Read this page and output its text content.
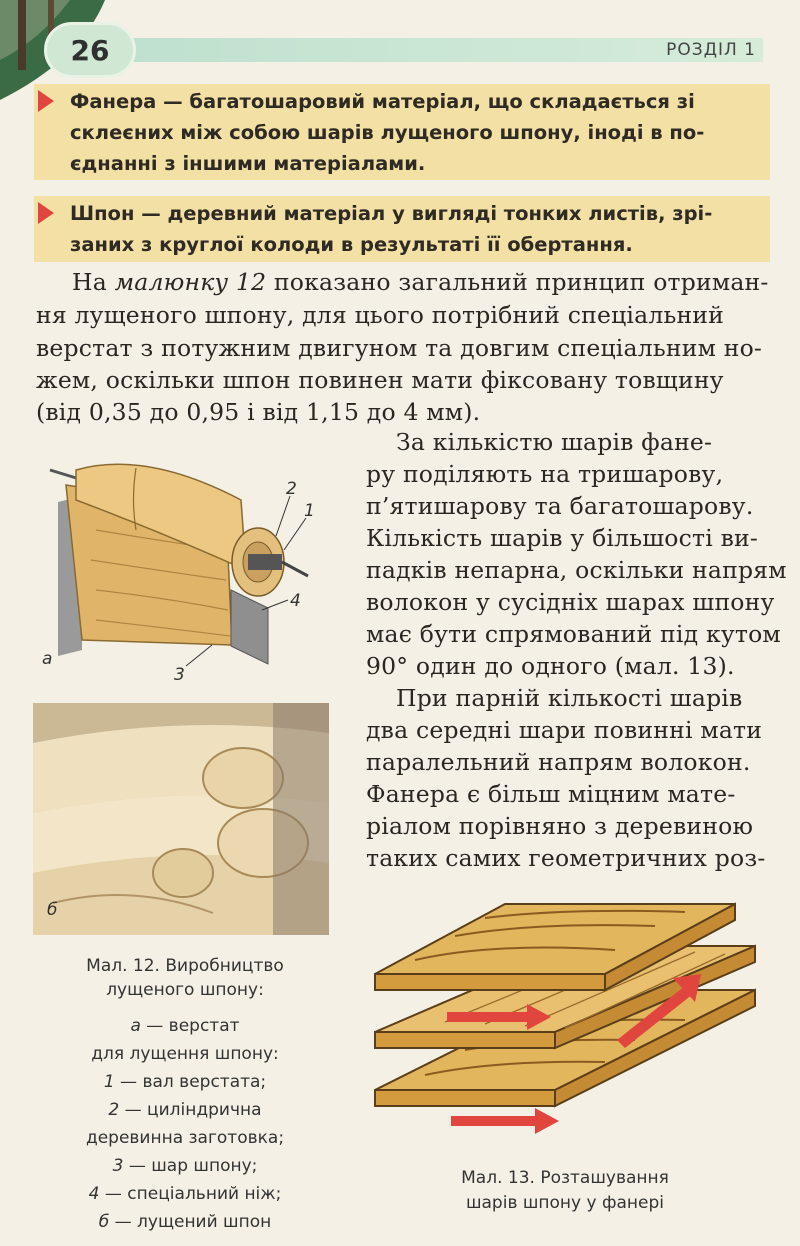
26	РОЗДІЛ 1
Фанера — багатошаровий матеріал, що складається зі
склеєних між собою шарів лущеного шпону, іноді в по-
єднанні з іншими матеріалами.
Шпон — деревний матеріал у вигляді тонких листів, зрі-
заних з круглої колоди в результаті її обертання.
На малюнку 12 показано загальний принцип отриман-
ня лущеного шпону, для цього потрібний спеціальний
верстат з потужним двигуном та довгим спеціальним но-
жем, оскільки шпон повинен мати фіксовану товщину
(від 0,35 до 0,95 і від 1,15 до 4 мм).
За кількістю шарів фане-
ру поділяють на тришарову,
п’ятишарову та багатошарову.
Кількість шарів у більшості ви-
падків непарна, оскільки напрям
волокон у сусідніх шарах шпону
має бути спрямований під кутом
90° один до одного (мал. 13).
При парній кількості шарів
два середні шари повинні мати
паралельний напрям волокон.
Фанера є більш міцним мате-
ріалом порівняно з деревиною
таких самих геометричних роз-
2
1
4
3
а
б
Мал. 12. Виробництво
лущеного шпону:
а — верстат
для лущення шпону:
1 — вал верстата;
2 — циліндрична
деревинна заготовка;
3 — шар шпону;
4 — спеціальний ніж;
б — лущений шпон
Мал. 13. Розташування
шарів шпону у фанері
